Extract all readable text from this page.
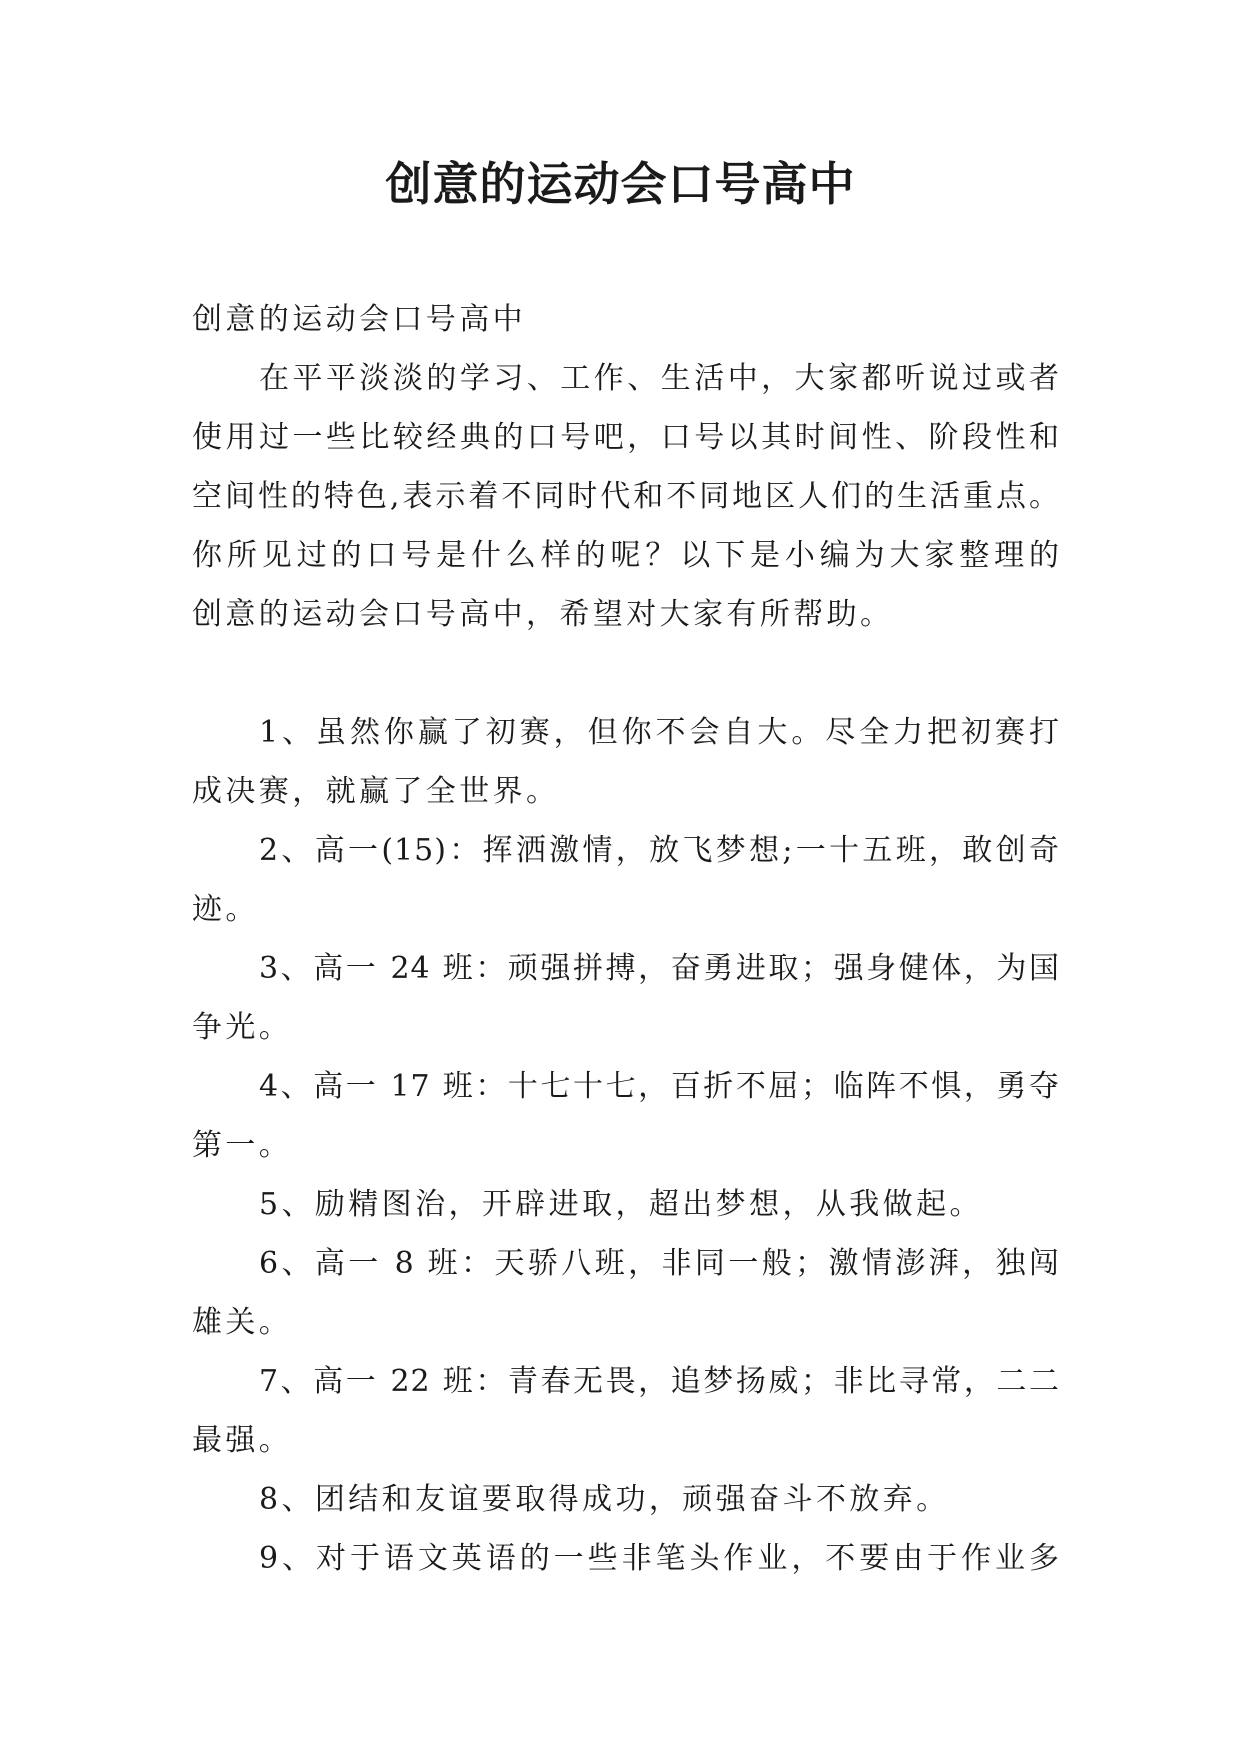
创意的运动会口号高中
创意的运动会口号高中
在平平淡淡的学习、工作、生活中，大家都听说过或者
使用过一些比较经典的口号吧，口号以其时间性、阶段性和
空间性的特色,表示着不同时代和不同地区人们的生活重点。
你所见过的口号是什么样的呢？以下是小编为大家整理的
创意的运动会口号高中，希望对大家有所帮助。
1、虽然你赢了初赛，但你不会自大。尽全力把初赛打
成决赛，就赢了全世界。
2、高一(15)：挥洒激情，放飞梦想;一十五班，敢创奇
迹。
3、高一 24 班：顽强拼搏，奋勇进取；强身健体，为国
争光。
4、高一 17 班：十七十七，百折不屈；临阵不惧，勇夺
第一。
5、励精图治，开辟进取，超出梦想，从我做起。
6、高一 8 班：天骄八班，非同一般；激情澎湃，独闯
雄关。
7、高一 22 班：青春无畏，追梦扬威；非比寻常，二二
最强。
8、团结和友谊要取得成功，顽强奋斗不放弃。
9、对于语文英语的一些非笔头作业，不要由于作业多
